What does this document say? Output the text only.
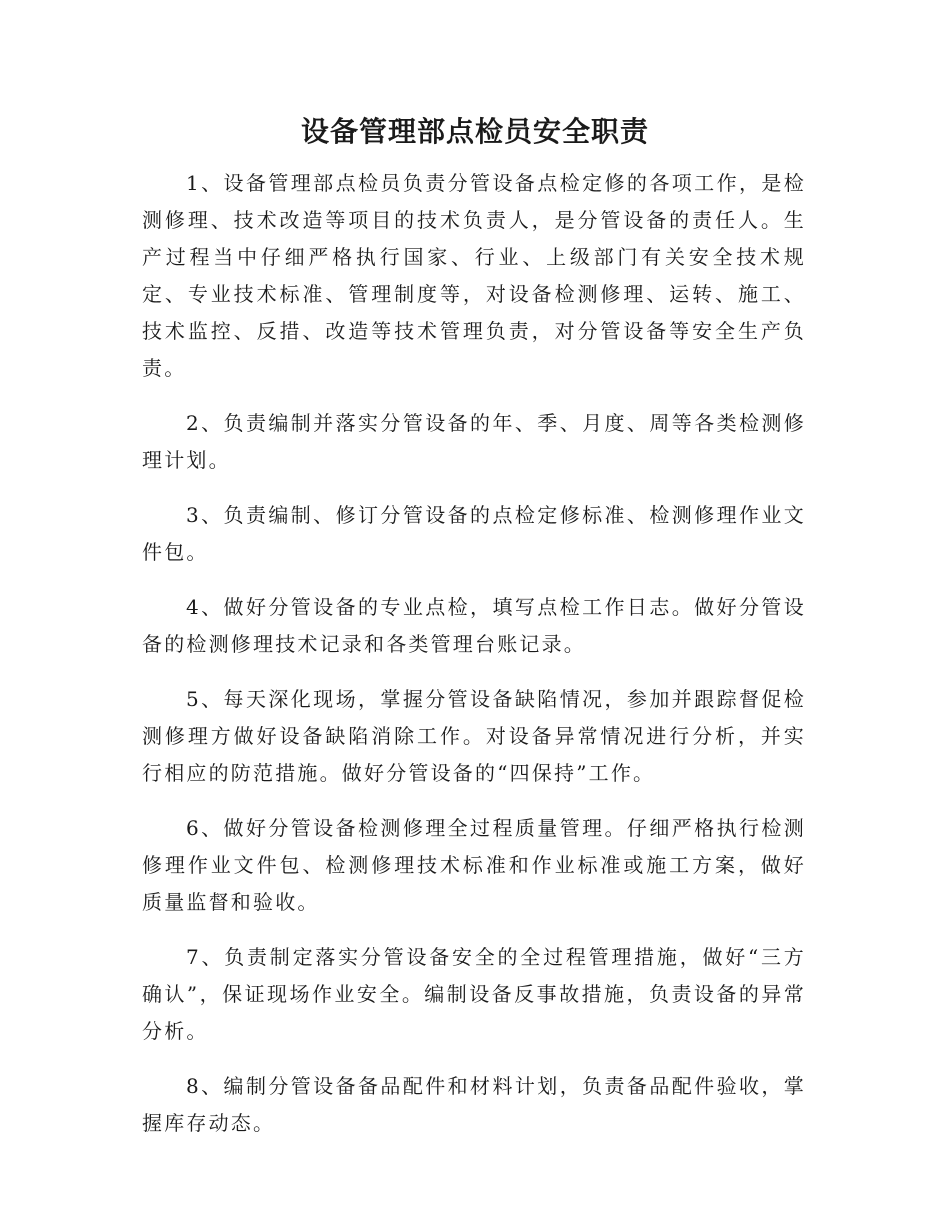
设备管理部点检员安全职责

1、设备管理部点检员负责分管设备点检定修的各项工作，是检测修理、技术改造等项目的技术负责人，是分管设备的责任人。生产过程当中仔细严格执行国家、行业、上级部门有关安全技术规定、专业技术标准、管理制度等，对设备检测修理、运转、施工、技术监控、反措、改造等技术管理负责，对分管设备等安全生产负责。

2、负责编制并落实分管设备的年、季、月度、周等各类检测修理计划。

3、负责编制、修订分管设备的点检定修标准、检测修理作业文件包。

4、做好分管设备的专业点检，填写点检工作日志。做好分管设备的检测修理技术记录和各类管理台账记录。

5、每天深化现场，掌握分管设备缺陷情况，参加并跟踪督促检测修理方做好设备缺陷消除工作。对设备异常情况进行分析，并实行相应的防范措施。做好分管设备的“四保持”工作。

6、做好分管设备检测修理全过程质量管理。仔细严格执行检测修理作业文件包、检测修理技术标准和作业标准或施工方案，做好质量监督和验收。

7、负责制定落实分管设备安全的全过程管理措施，做好“三方确认”，保证现场作业安全。编制设备反事故措施，负责设备的异常分析。

8、编制分管设备备品配件和材料计划，负责备品配件验收，掌握库存动态。
